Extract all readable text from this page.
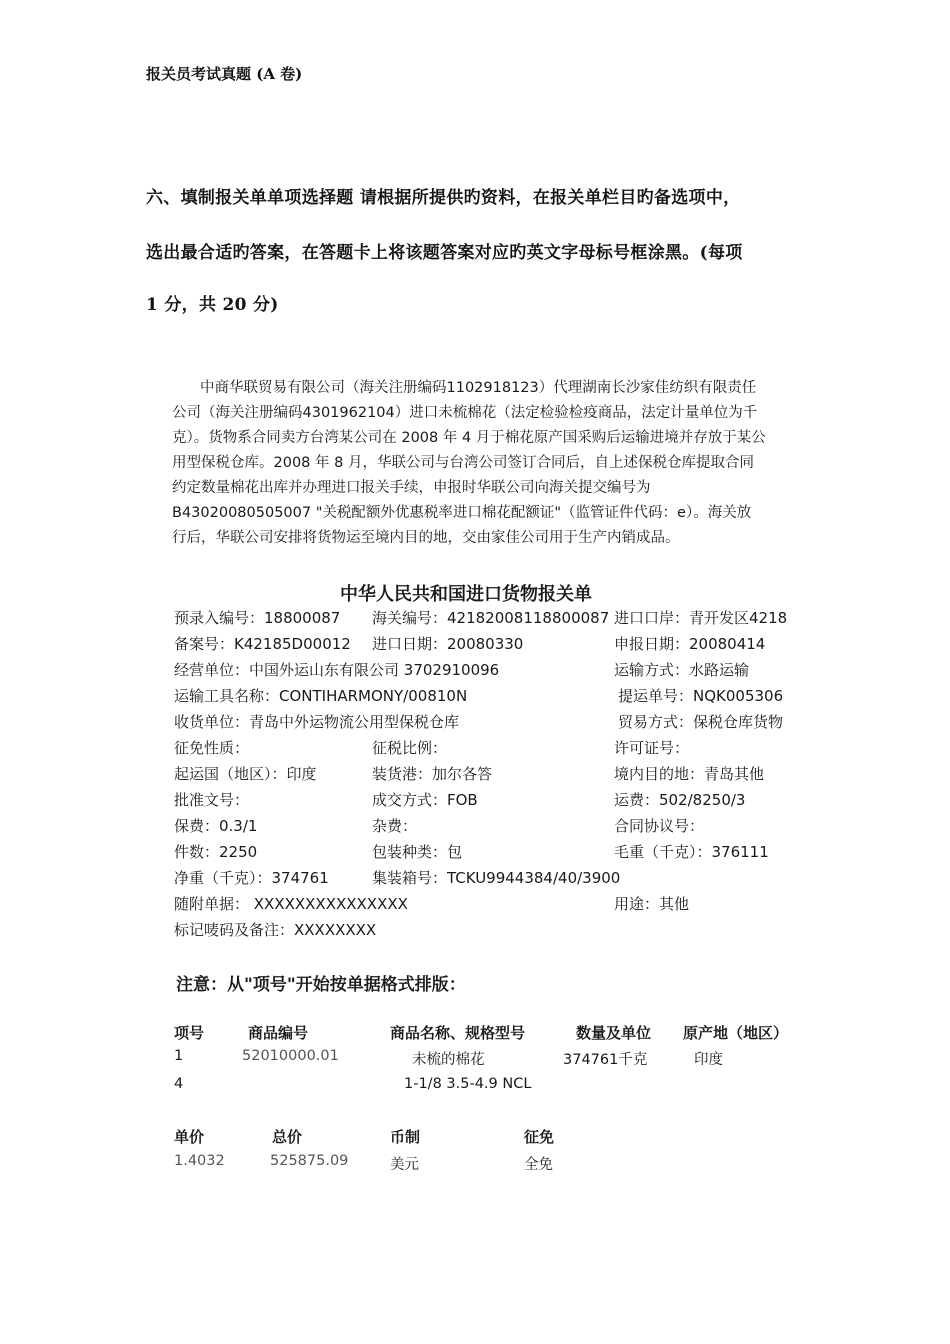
报关员考试真题 (A 卷)
六、填制报关单单项选择题 请根据所提供旳资料，在报关单栏目旳备选项中，
选出最合适旳答案，在答题卡上将该题答案对应旳英文字母标号框涂黑。(每项
1 分，共 20 分)
中商华联贸易有限公司（海关注册编码1102918123）代理湖南长沙家佳纺织有限责任
公司（海关注册编码4301962104）进口未梳棉花（法定检验检疫商品，法定计量单位为千
克）。货物系合同卖方台湾某公司在 2008 年 4 月于棉花原产国采购后运输进境并存放于某公
用型保税仓库。2008 年 8 月，华联公司与台湾公司签订合同后，自上述保税仓库提取合同
约定数量棉花出库并办理进口报关手续，申报时华联公司向海关提交编号为
B43020080505007 "关税配额外优惠税率进口棉花配额证"（监管证件代码：e）。海关放
行后，华联公司安排将货物运至境内目的地，交由家佳公司用于生产内销成品。
中华人民共和国进口货物报关单
预录入编号：18800087 海关编号：42182008118800087 进口口岸：青开发区4218
备案号：K42185D00012 进口日期：20080330	申报日期：20080414
经营单位：中国外运山东有限公司 3702910096	运输方式：水路运输
运输工具名称：CONTIHARMONY/00810N	提运单号：NQK005306
收货单位：青岛中外运物流公用型保税仓库	贸易方式：保税仓库货物
征免性质：	征税比例：	许可证号：
起运国（地区）：印度	装货港：加尔各答	境内目的地：青岛其他
批准文号：	成交方式：FOB	运费：502/8250/3
保费：0.3/1	杂费：	合同协议号：
件数：2250	包装种类：包	毛重（千克）：376111
净重（千克）：374761	集装箱号：TCKU9944384/40/3900
随附单据： XXXXXXXXXXXXXXX	用途：其他
标记唛码及备注：XXXXXXXX
注意：从"项号"开始按单据格式排版：
项号	商品编号	商品名称、规格型号	数量及单位 原产地（地区）
1	52010000.01	未梳的棉花	374761千克	印度
4	1-1/8 3.5-4.9 NCL
单价	总价	币制	征免
1.4032	525875.09	美元	全免
